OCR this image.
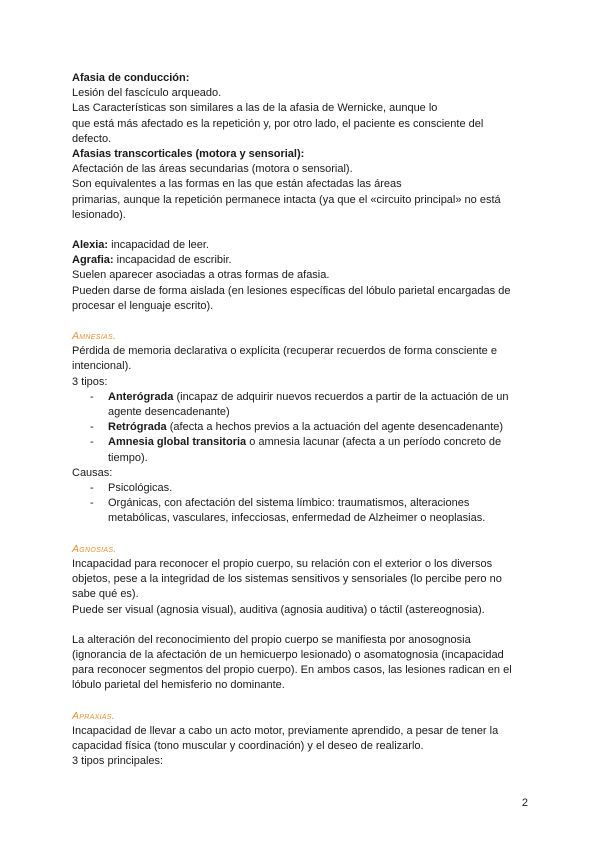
Afasia de conducción:

Lesión del fascículo arqueado.

Las Características son similares a las de la afasia de Wernicke, aunque lo

que está más afectado es la repetición y, por otro lado, el paciente es consciente del defecto.

Afasias transcorticales (motora y sensorial):

Afectación de las áreas secundarias (motora o sensorial).

Son equivalentes a las formas en las que están afectadas las áreas

primarias, aunque la repetición permanece intacta (ya que el «circuito principal» no está lesionado).

Alexia: incapacidad de leer.

Agrafia: incapacidad de escribir.

Suelen aparecer asociadas a otras formas de afasia.

Pueden darse de forma aislada (en lesiones específicas del lóbulo parietal encargadas de procesar el lenguaje escrito).

Amnesias.

Pérdida de memoria declarativa o explícita (recuperar recuerdos de forma consciente e intencional).

3 tipos:

- Anterógrada (incapaz de adquirir nuevos recuerdos a partir de la actuación de un agente desencadenante)
- Retrógrada (afecta a hechos previos a la actuación del agente desencadenante)
- Amnesia global transitoria o amnesia lacunar (afecta a un período concreto de tiempo).

Causas:

- Psicológicas.
- Orgánicas, con afectación del sistema límbico: traumatismos, alteraciones metabólicas, vasculares, infecciosas, enfermedad de Alzheimer o neoplasias.

Agnosias.

Incapacidad para reconocer el propio cuerpo, su relación con el exterior o los diversos objetos, pese a la integridad de los sistemas sensitivos y sensoriales (lo percibe pero no sabe qué es).

Puede ser visual (agnosia visual), auditiva (agnosia auditiva) o táctil (astereognosia).

La alteración del reconocimiento del propio cuerpo se manifiesta por anosognosia (ignorancia de la afectación de un hemicuerpo lesionado) o asomatognosia (incapacidad para reconocer segmentos del propio cuerpo). En ambos casos, las lesiones radican en el lóbulo parietal del hemisferio no dominante.

Apraxias.

Incapacidad de llevar a cabo un acto motor, previamente aprendido, a pesar de tener la capacidad física (tono muscular y coordinación) y el deseo de realizarlo.

3 tipos principales:

2
